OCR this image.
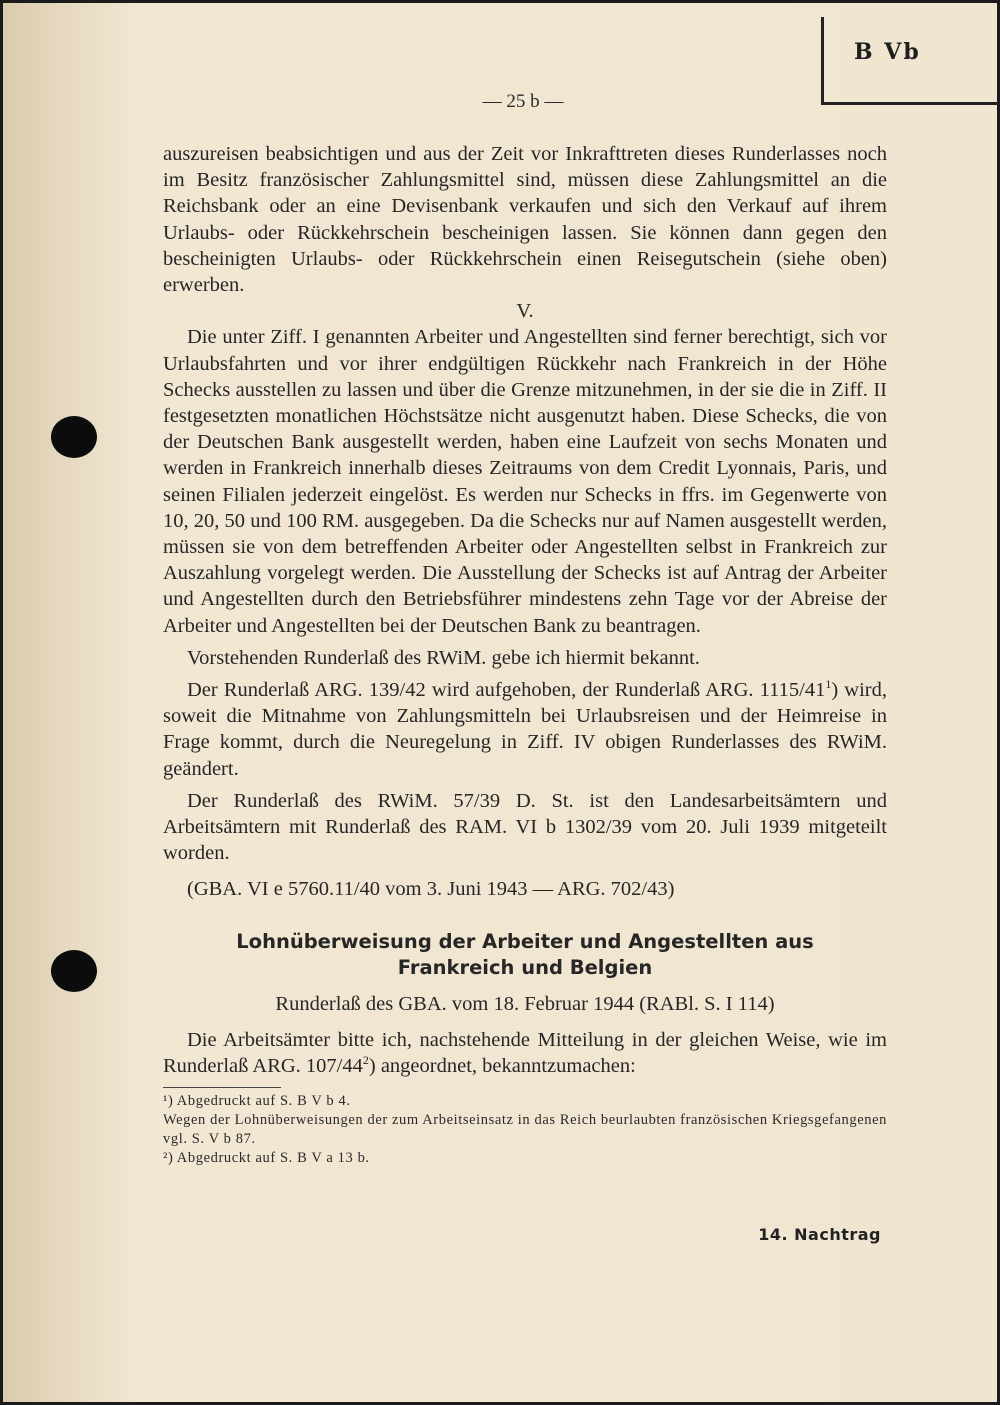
B Vb
— 25 b —

auszureisen beabsichtigen und aus der Zeit vor Inkrafttreten dieses Runderlasses noch im Besitz französischer Zahlungsmittel sind, müssen diese Zahlungsmittel an die Reichsbank oder an eine Devisenbank verkaufen und sich den Verkauf auf ihrem Urlaubs- oder Rückkehrschein bescheinigen lassen. Sie können dann gegen den bescheinigten Urlaubs- oder Rückkehrschein einen Reisegutschein (siehe oben) erwerben.

V.

Die unter Ziff. I genannten Arbeiter und Angestellten sind ferner berechtigt, sich vor Urlaubsfahrten und vor ihrer endgültigen Rückkehr nach Frankreich in der Höhe Schecks ausstellen zu lassen und über die Grenze mitzunehmen, in der sie die in Ziff. II festgesetzten monatlichen Höchstsätze nicht ausgenutzt haben. Diese Schecks, die von der Deutschen Bank ausgestellt werden, haben eine Laufzeit von sechs Monaten und werden in Frankreich innerhalb dieses Zeitraums von dem Credit Lyonnais, Paris, und seinen Filialen jederzeit eingelöst. Es werden nur Schecks in ffrs. im Gegenwerte von 10, 20, 50 und 100 RM. ausgegeben. Da die Schecks nur auf Namen ausgestellt werden, müssen sie von dem betreffenden Arbeiter oder Angestellten selbst in Frankreich zur Auszahlung vorgelegt werden. Die Ausstellung der Schecks ist auf Antrag der Arbeiter und Angestellten durch den Betriebsführer mindestens zehn Tage vor der Abreise der Arbeiter und Angestellten bei der Deutschen Bank zu beantragen.

Vorstehenden Runderlaß des RWiM. gebe ich hiermit bekannt.

Der Runderlaß ARG. 139/42 wird aufgehoben, der Runderlaß ARG. $1115/41^1$) wird, soweit die Mitnahme von Zahlungsmitteln bei Urlaubsreisen und der Heimreise in Frage kommt, durch die Neuregelung in Ziff. IV obigen Runderlasses des RWiM. geändert.

Der Runderlaß des RWiM. 57/39 D. St. ist den Landesarbeitsämtern und Arbeitsämtern mit Runderlaß des RAM. VI b 1302/39 vom 20. Juli 1939 mitgeteilt worden.

(GBA. VI e 5760.11/40 vom 3. Juni 1943 — ARG. 702/43)

Lohnüberweisung der Arbeiter und Angestellten aus Frankreich und Belgien

Runderlaß des GBA. vom 18. Februar 1944 (RABl. S. I 114)

Die Arbeitsämter bitte ich, nachstehende Mitteilung in der gleichen Weise, wie im Runderlaß ARG. $107/44^2$) angeordnet, bekanntzumachen:

¹) Abgedruckt auf S. B V b 4.

Wegen der Lohnüberweisungen der zum Arbeitseinsatz in das Reich beurlaubten französischen Kriegsgefangenen vgl. S. V b 87.

²) Abgedruckt auf S. B V a 13 b.

14. Nachtrag
